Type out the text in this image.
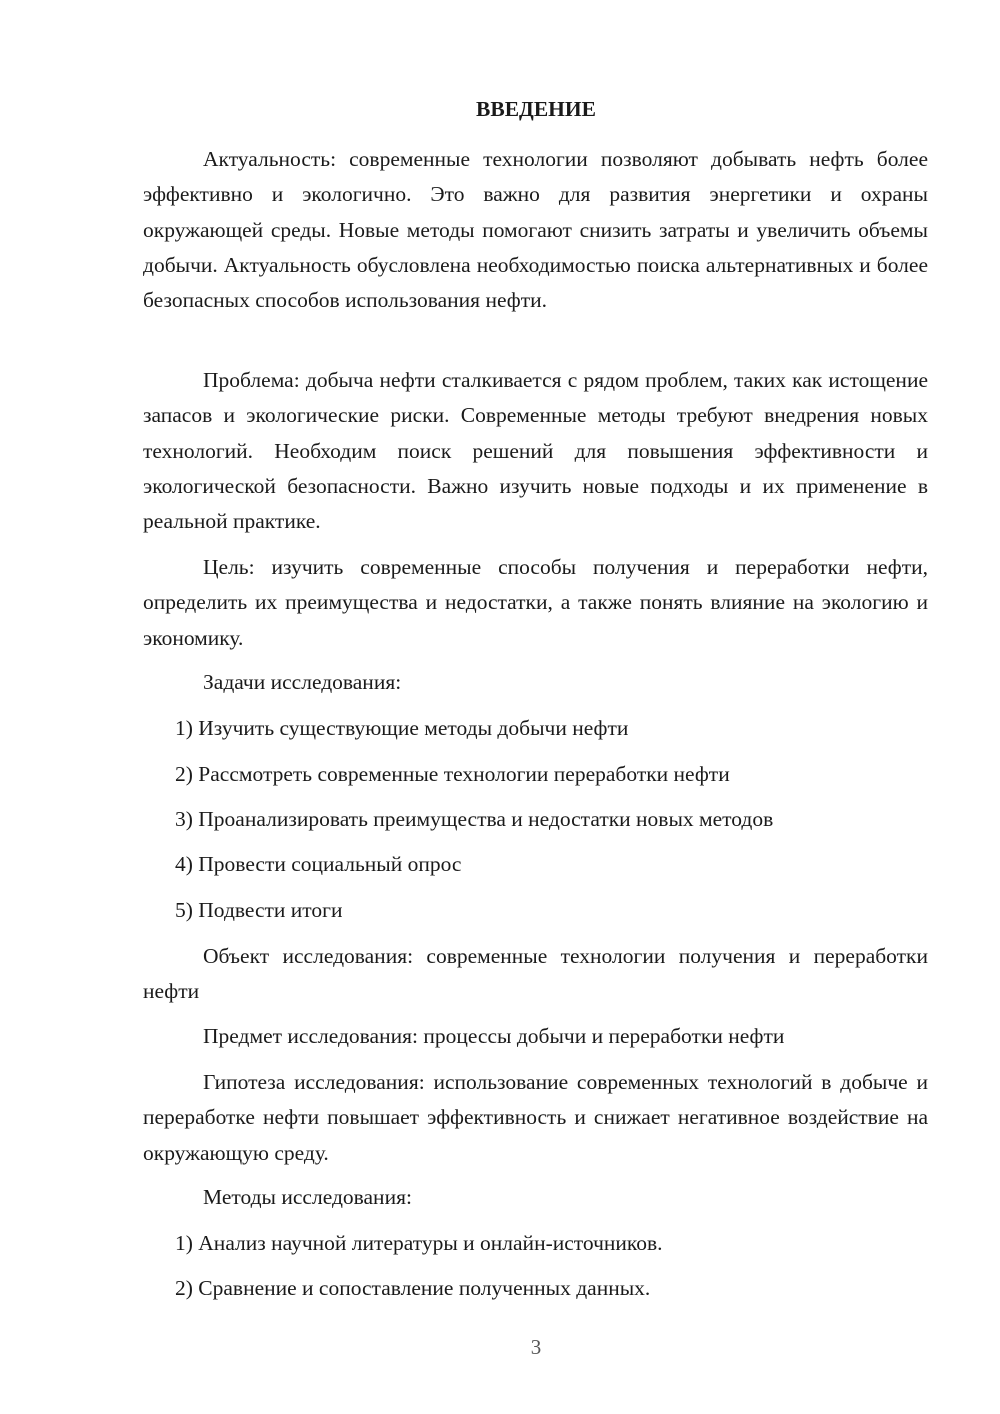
ВВЕДЕНИЕ

Актуальность: современные технологии позволяют добывать нефть более эффективно и экологично. Это важно для развития энергетики и охраны окружающей среды. Новые методы помогают снизить затраты и увеличить объемы добычи. Актуальность обусловлена необходимостью поиска альтернативных и более безопасных способов использования нефти.

Проблема: добыча нефти сталкивается с рядом проблем, таких как истощение запасов и экологические риски. Современные методы требуют внедрения новых технологий. Необходим поиск решений для повышения эффективности и экологической безопасности. Важно изучить новые подходы и их применение в реальной практике.

Цель: изучить современные способы получения и переработки нефти, определить их преимущества и недостатки, а также понять влияние на экологию и экономику.

Задачи исследования:

1) Изучить существующие методы добычи нефти

2) Рассмотреть современные технологии переработки нефти

3) Проанализировать преимущества и недостатки новых методов

4) Провести социальный опрос

5) Подвести итоги

Объект исследования: современные технологии получения и переработки нефти

Предмет исследования: процессы добычи и переработки нефти

Гипотеза исследования: использование современных технологий в добыче и переработке нефти повышает эффективность и снижает негативное воздействие на окружающую среду.

Методы исследования:

1) Анализ научной литературы и онлайн-источников.

2) Сравнение и сопоставление полученных данных.

3
